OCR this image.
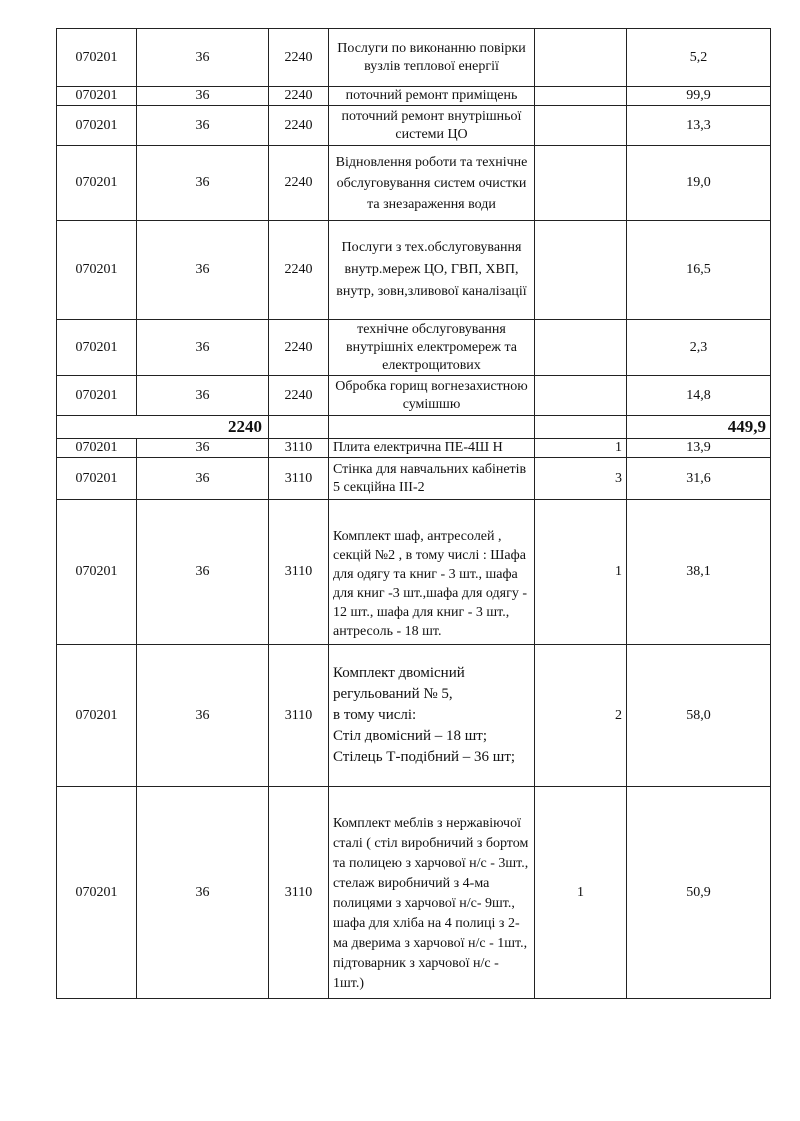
070201	36	2240	Послуги по виконанню повірки вузлів теплової енергії		5,2
070201	36	2240	поточний ремонт приміщень		99,9
070201	36	2240	поточний ремонт внутрішньої системи ЦО		13,3
070201	36	2240	Відновлення роботи та технічне обслуговування систем очистки та знезараження води		19,0
070201	36	2240	Послуги з тех.обслуговування внутр.мереж ЦО, ГВП, ХВП, внутр, зовн,зливової каналізації		16,5
070201	36	2240	технічне обслуговування внутрішніх електромереж та електрощитових		2,3
070201	36	2240	Обробка горищ вогнезахистною сумішшю		14,8
2240					449,9
070201	36	3110	Плита електрична ПЕ-4Ш Н	1	13,9
070201	36	3110	Стінка для навчальних кабінетів 5 секційна ІІІ-2	3	31,6
070201	36	3110	Комплект шаф, антресолей , секцій №2 , в тому числі : Шафа для одягу та книг - 3 шт., шафа для книг -3 шт.,шафа для одягу - 12 шт., шафа для книг - 3 шт., антресоль - 18 шт.	1	38,1
070201	36	3110	Комплект двомісний
регульований № 5,
в тому числі:
Стіл двомісний – 18 шт;
Стілець Т-подібний – 36 шт;	2	58,0
070201	36	3110	Комплект меблів з нержавіючої сталі ( стіл виробничий з бортом та полицею з харчової н/с - 3шт., стелаж виробничий з 4-ма полицями з харчової н/с- 9шт., шафа для хліба на 4 полиці з 2-ма дверима з харчової н/с - 1шт., підтоварник з харчової н/с - 1шт.)	1	50,9
